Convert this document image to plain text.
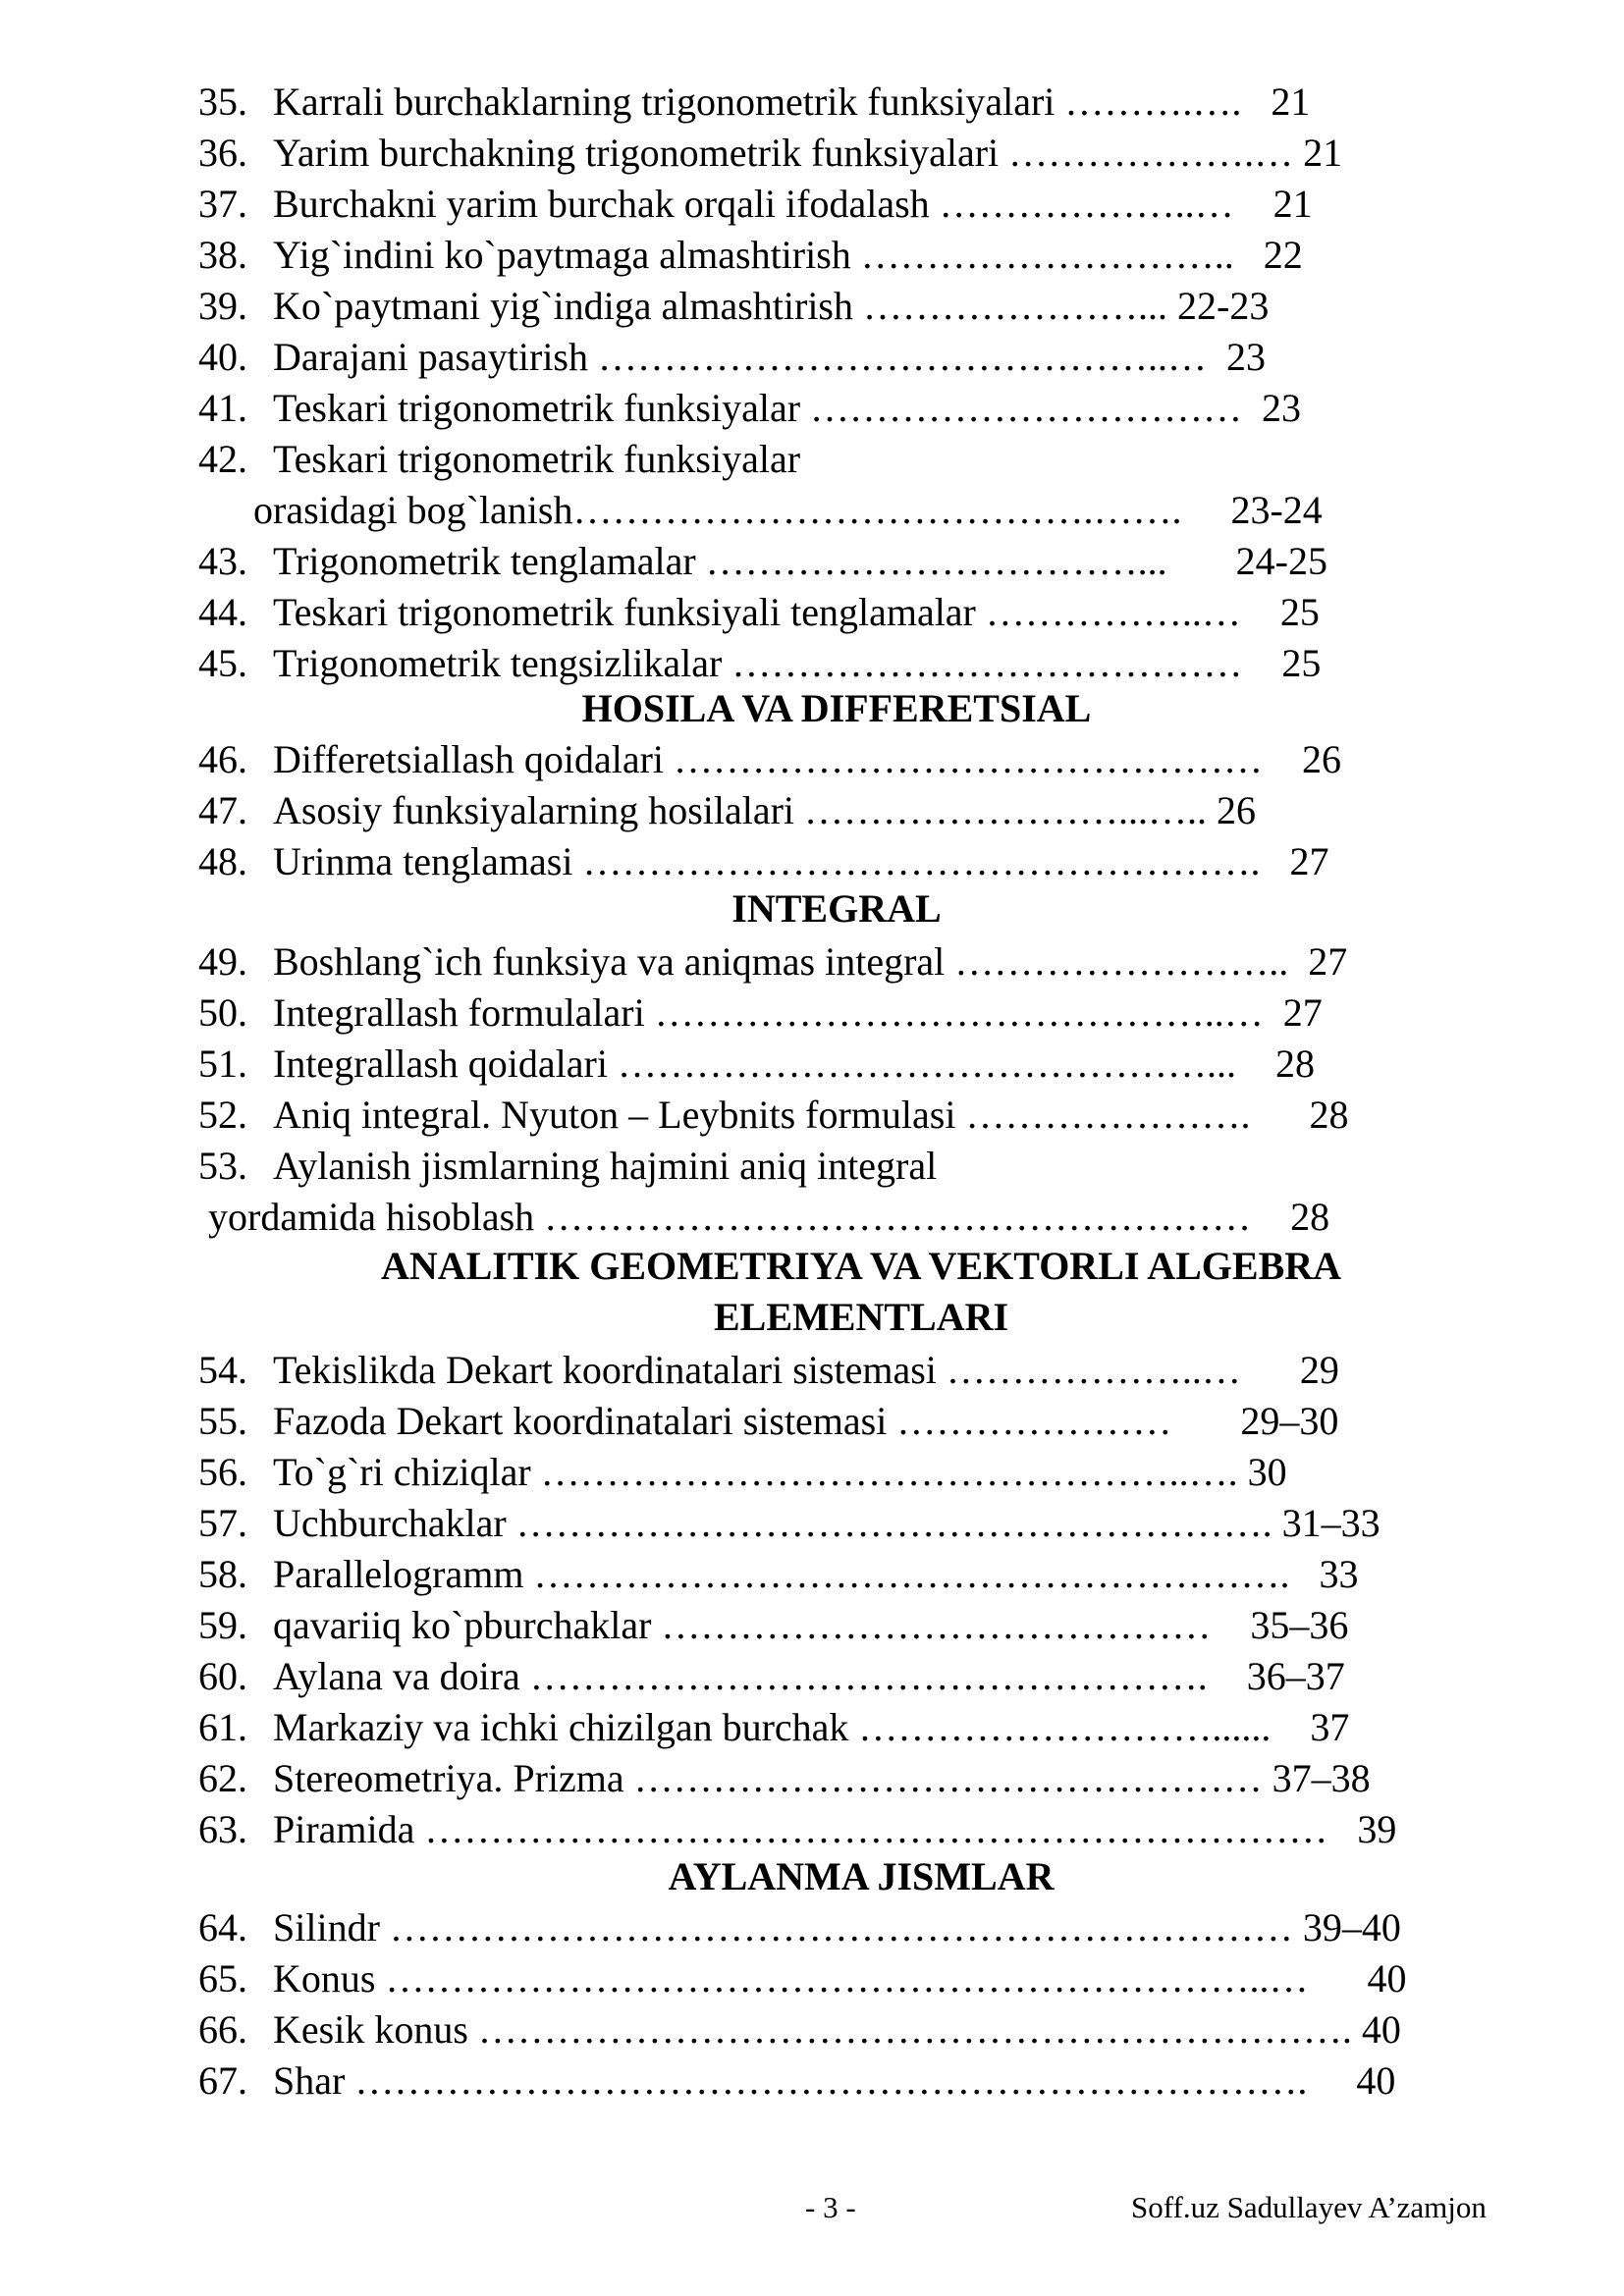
35.

Karrali burchaklarning trigonometrik funksiyalari ……….….   21

36.

Yarim burchakning trigonometrik funksiyalari ……………….… 21

37.

Burchakni yarim burchak orqali ifodalash ………………..…    21

38.

Yig`indini ko`paytmaga almashtirish ………………………..   22

39.

Ko`paytmani yig`indiga almashtirish …………………... 22-23

40.

Darajani pasaytirish ……………………………………..…  23

41.

Teskari trigonometrik funksiyalar ……………………………  23

42.

Teskari trigonometrik funksiyalar

orasidagi bog`lanish………………………………….…….     23-24

43.

Trigonometrik tenglamalar ……………………………...       24-25

44.

Teskari trigonometrik funksiyali tenglamalar ……………..…    25

45.

Trigonometrik tengsizlikalar …………………………………    25

HOSILA VA DIFFERETSIAL

46.

Differetsiallash qoidalari ………………………………………    26

47.

Asosiy funksiyalarning hosilalari ……………………...….. 26

48.

Urinma tenglamasi …………………………………………….   27

INTEGRAL

49.

Boshlang`ich funksiya va aniqmas integral ……………………..  27

50.

Integrallash formulalari ……………………………………..…  27

51.

Integrallash qoidalari ………………………………………...    28

52.

Aniq integral. Nyuton – Leybnits formulasi ………………….      28

53.

Aylanish jismlarning hajmini aniq integral

yordamida hisoblash ………………………………………………    28

ANALITIK GEOMETRIYA VA VEKTORLI ALGEBRA
ELEMENTLARI

54.

Tekislikda Dekart koordinatalari sistemasi ………………..…      29

55.

Fazoda Dekart koordinatalari sistemasi …………………       29–30

56.

To`g`ri chiziqlar …………………………………………..…. 30

57.

Uchburchaklar …………………………………………………. 31–33

58.

Parallelogramm ………………………………………………….   33

59.

qavariiq ko`pburchaklar ……………………………………    35–36

60.

Aylana va doira …………………………………………….    36–37

61.

Markaziy va ichki chizilgan burchak ………………………......    37

62.

Stereometriya. Prizma ………………………………………… 37–38

63.

Piramida ……………………………………………………………   39

AYLANMA JISMLAR

64.

Silindr …………………………………………………………… 39–40

65.

Konus …………………………………………………………..…      40

66.

Kesik konus …………………………………………………………. 40

67.

Shar ……………………………………………………………….     40

- 3 -	Soff.uz Sadullayev A’zamjon
